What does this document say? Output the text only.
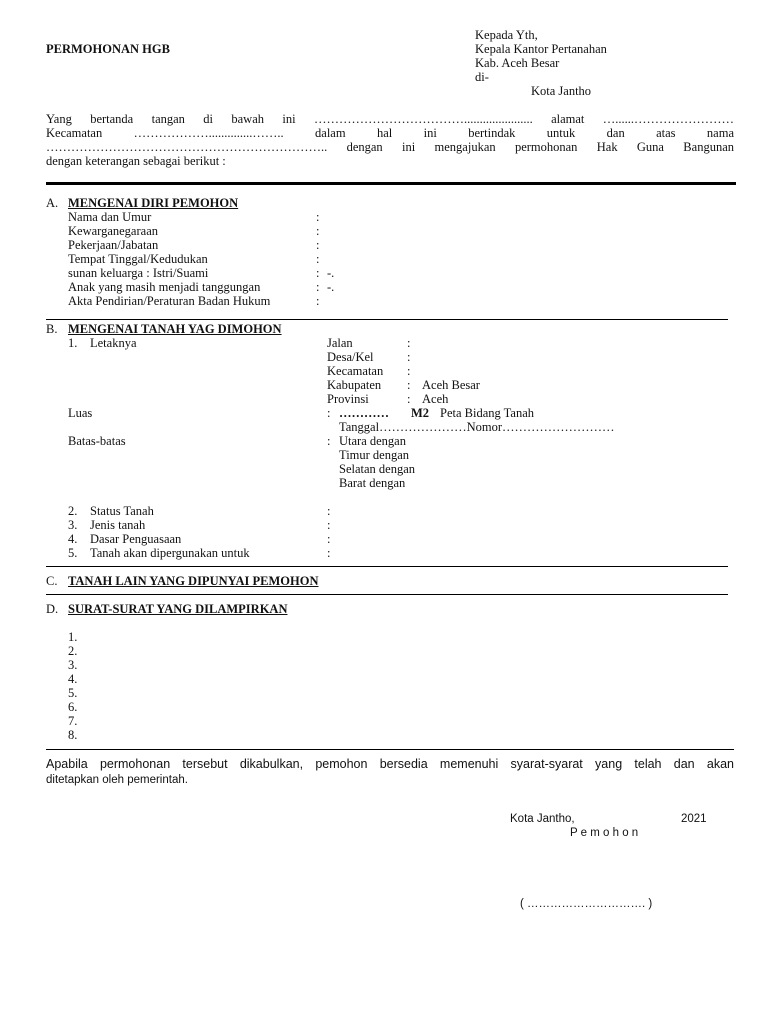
PERMOHONAN HGB
Kepada Yth,
Kepala Kantor Pertanahan
Kab. Aceh Besar
di-
Kota Jantho
Yang bertanda tangan di bawah ini ………………………………...................... alamat …......……………………
Kecamatan ………………..............……..	dalam hal ini bertindak untuk dan atas nama
………………………………………………………….. dengan ini mengajukan permohonan Hak Guna Bangunan
dengan keterangan sebagai berikut :
A. MENGENAI DIRI PEMOHON
Nama dan Umur	:
Kewarganegaraan	:
Pekerjaan/Jabatan	:
Tempat Tinggal/Kedudukan	:
sunan keluarga : Istri/Suami	: -.
Anak yang masih menjadi tanggungan	: -.
Akta Pendirian/Peraturan Badan Hukum	:
B. MENGENAI TANAH YAG DIMOHON
1. Letaknya	Jalan	:
Desa/Kel	:
Kecamatan :
Kabupaten : Aceh Besar
Provinsi	: Aceh
Luas	: ………… M2 Peta Bidang Tanah
Tanggal…………………Nomor………………………
Batas-batas	: Utara dengan
Timur dengan
Selatan dengan
Barat dengan
2. Status Tanah	:
3. Jenis tanah	:
4. Dasar Penguasaan	:
5. Tanah akan dipergunakan untuk	:
C. TANAH LAIN YANG DIPUNYAI PEMOHON
D. SURAT-SURAT YANG DILAMPIRKAN
1.
2.
3.
4.
5.
6.
7.
8.
Apabila permohonan tersebut dikabulkan, pemohon bersedia memenuhi syarat-syarat yang telah dan akan
ditetapkan oleh pemerintah.
Kota Jantho,	2021
P e m o h o n
( …………………………. )
